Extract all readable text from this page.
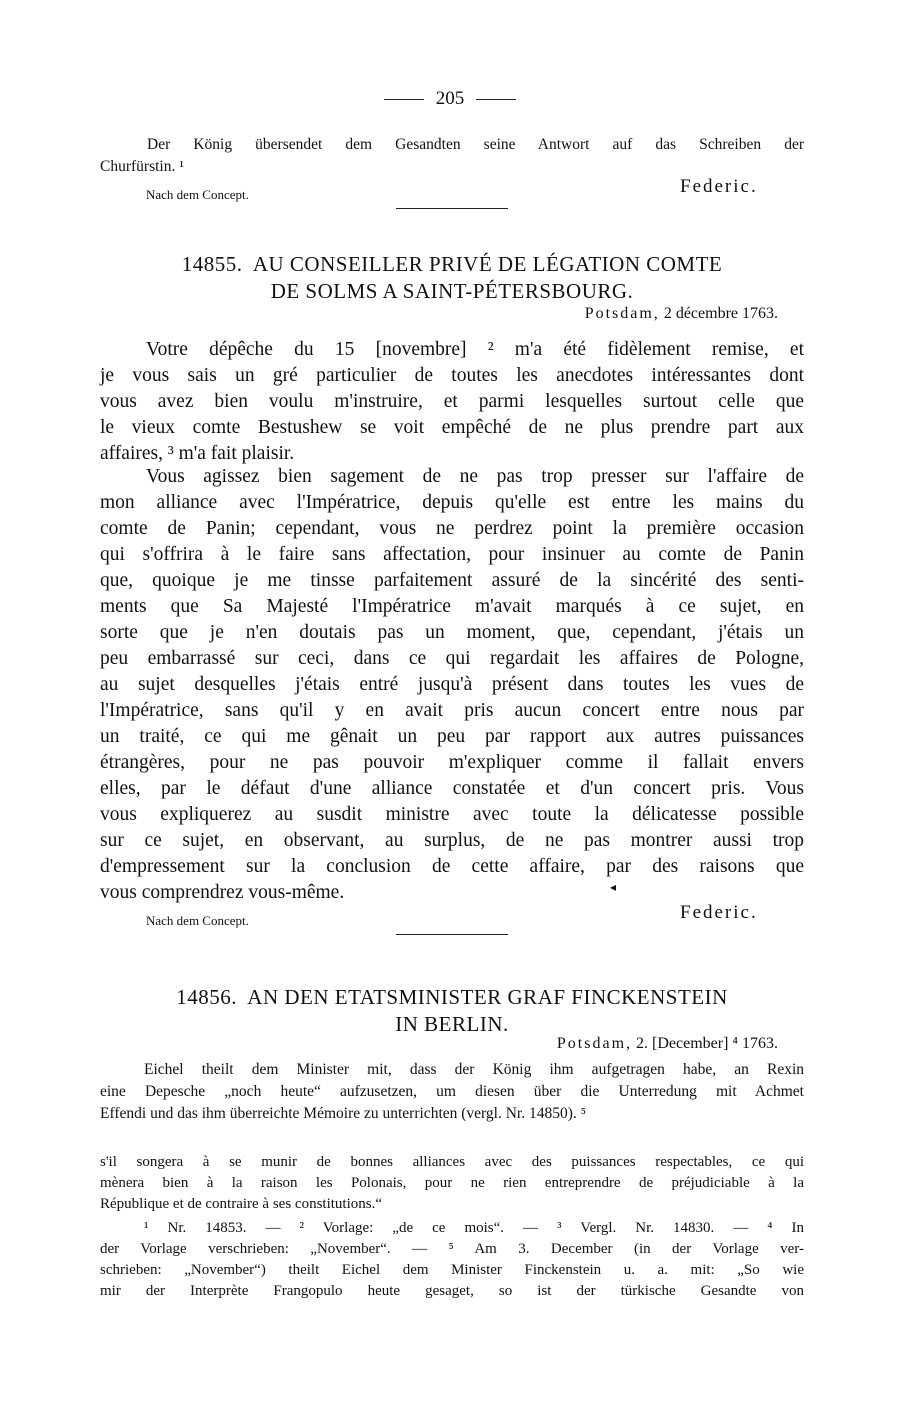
205
Der König übersendet dem Gesandten seine Antwort auf das Schreiben der
Churfürstin. ¹
Nach dem Concept.	Federic.
14855. AU CONSEILLER PRIVÉ DE LÉGATION COMTE
DE SOLMS A SAINT-PÉTERSBOURG.
Potsdam, 2 décembre 1763.
Votre dépêche du 15 [novembre] ² m'a été fidèlement remise, et
je vous sais un gré particulier de toutes les anecdotes intéressantes dont
vous avez bien voulu m'instruire, et parmi lesquelles surtout celle que
le vieux comte Bestushew se voit empêché de ne plus prendre part aux
affaires, ³ m'a fait plaisir.
Vous agissez bien sagement de ne pas trop presser sur l'affaire de
mon alliance avec l'Impératrice, depuis qu'elle est entre les mains du
comte de Panin; cependant, vous ne perdrez point la première occasion
qui s'offrira à le faire sans affectation, pour insinuer au comte de Panin
que, quoique je me tinsse parfaitement assuré de la sincérité des senti-
ments que Sa Majesté l'Impératrice m'avait marqués à ce sujet, en
sorte que je n'en doutais pas un moment, que, cependant, j'étais un
peu embarrassé sur ceci, dans ce qui regardait les affaires de Pologne,
au sujet desquelles j'étais entré jusqu'à présent dans toutes les vues de
l'Impératrice, sans qu'il y en avait pris aucun concert entre nous par
un traité, ce qui me gênait un peu par rapport aux autres puissances
étrangères, pour ne pas pouvoir m'expliquer comme il fallait envers
elles, par le défaut d'une alliance constatée et d'un concert pris. Vous
vous expliquerez au susdit ministre avec toute la délicatesse possible
sur ce sujet, en observant, au surplus, de ne pas montrer aussi trop
d'empressement sur la conclusion de cette affaire, par des raisons que
vous comprendrez vous-même.	◂
Nach dem Concept.	Federic.
14856. AN DEN ETATSMINISTER GRAF FINCKENSTEIN
IN BERLIN.
Potsdam, 2. [December] ⁴ 1763.
Eichel theilt dem Minister mit, dass der König ihm aufgetragen habe, an Rexin
eine Depesche „noch heute“ aufzusetzen, um diesen über die Unterredung mit Achmet
Effendi und das ihm überreichte Mémoire zu unterrichten (vergl. Nr. 14850). ⁵
s'il songera à se munir de bonnes alliances avec des puissances respectables, ce qui
mènera bien à la raison les Polonais, pour ne rien entreprendre de préjudiciable à la
République et de contraire à ses constitutions.“
¹ Nr. 14853. — ² Vorlage: „de ce mois“. — ³ Vergl. Nr. 14830. — ⁴ In
der Vorlage verschrieben: „November“. — ⁵ Am 3. December (in der Vorlage ver-
schrieben: „November“) theilt Eichel dem Minister Finckenstein u. a. mit: „So wie
mir der Interprète Frangopulo heute gesaget, so ist der türkische Gesandte von
